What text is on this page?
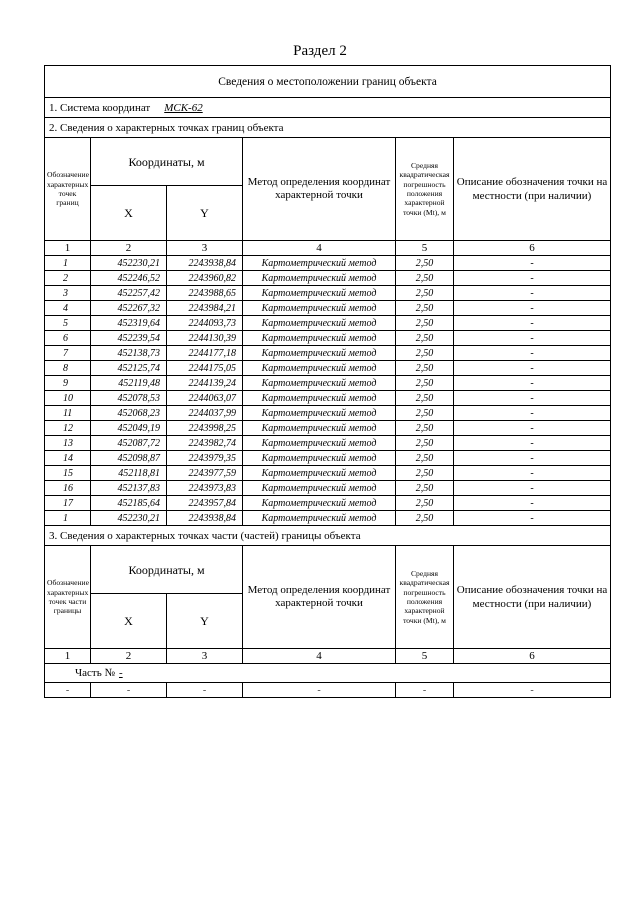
Раздел 2
Сведения о местоположении границ объекта					
1. Система координат МСК-62					
2. Сведения о характерных точках границ объекта					
Обозначение характерных точек границ	Координаты, м		Метод определения координат характерной точки	Средняя квадратическая погрешность положения характерной точки (Mt), м	Описание обозначения точки на местности (при наличии)
	X	Y			
1	2	3	4	5	6
1	452230,21	2243938,84	Картометрический метод	2,50	-
2	452246,52	2243960,82	Картометрический метод	2,50	-
3	452257,42	2243988,65	Картометрический метод	2,50	-
4	452267,32	2243984,21	Картометрический метод	2,50	-
5	452319,64	2244093,73	Картометрический метод	2,50	-
6	452239,54	2244130,39	Картометрический метод	2,50	-
7	452138,73	2244177,18	Картометрический метод	2,50	-
8	452125,74	2244175,05	Картометрический метод	2,50	-
9	452119,48	2244139,24	Картометрический метод	2,50	-
10	452078,53	2244063,07	Картометрический метод	2,50	-
11	452068,23	2244037,99	Картометрический метод	2,50	-
12	452049,19	2243998,25	Картометрический метод	2,50	-
13	452087,72	2243982,74	Картометрический метод	2,50	-
14	452098,87	2243979,35	Картометрический метод	2,50	-
15	452118,81	2243977,59	Картометрический метод	2,50	-
16	452137,83	2243973,83	Картометрический метод	2,50	-
17	452185,64	2243957,84	Картометрический метод	2,50	-
1	452230,21	2243938,84	Картометрический метод	2,50	-
3. Сведения о характерных точках части (частей) границы объекта					
Обозначение характерных точек части границы	Координаты, м		Метод определения координат характерной точки	Средняя квадратическая погрешность положения характерной точки (Mt), м	Описание обозначения точки на местности (при наличии)
	X	Y			
1	2	3	4	5	6
Часть № -					
-	-	-	-	-	-
